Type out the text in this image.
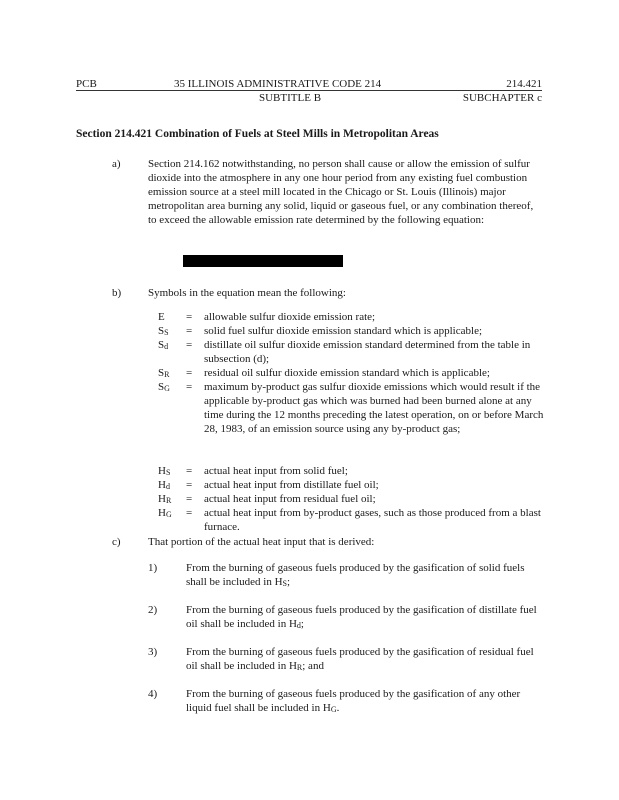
PCB	35 ILLINOIS ADMINISTRATIVE CODE 214	214.421
SUBTITLE B	SUBCHAPTER c
Section 214.421 Combination of Fuels at Steel Mills in Metropolitan Areas
a) Section 214.162 notwithstanding, no person shall cause or allow the emission of sulfur dioxide into the atmosphere in any one hour period from any existing fuel combustion emission source at a steel mill located in the Chicago or St. Louis (Illinois) major metropolitan area burning any solid, liquid or gaseous fuel, or any combination thereof, to exceed the allowable emission rate determined by the following equation:
b) Symbols in the equation mean the following:
E	=	allowable sulfur dioxide emission rate;
SS	=	solid fuel sulfur dioxide emission standard which is applicable;
Sd	=	distillate oil sulfur dioxide emission standard determined from the table in subsection (d);
SR	=	residual oil sulfur dioxide emission standard which is applicable;
SG	=	maximum by-product gas sulfur dioxide emissions which would result if the applicable by-product gas which was burned had been burned alone at any time during the 12 months preceding the latest operation, on or before March 28, 1983, of an emission source using any by-product gas;
HS	=	actual heat input from solid fuel;
Hd	=	actual heat input from distillate fuel oil;
HR	=	actual heat input from residual fuel oil;
HG	=	actual heat input from by-product gases, such as those produced from a blast furnace.
c) That portion of the actual heat input that is derived:
1)	From the burning of gaseous fuels produced by the gasification of solid fuels shall be included in HS;
2)	From the burning of gaseous fuels produced by the gasification of distillate fuel oil shall be included in Hd;
3)	From the burning of gaseous fuels produced by the gasification of residual fuel oil shall be included in HR; and
4)	From the burning of gaseous fuels produced by the gasification of any other liquid fuel shall be included in HG.
